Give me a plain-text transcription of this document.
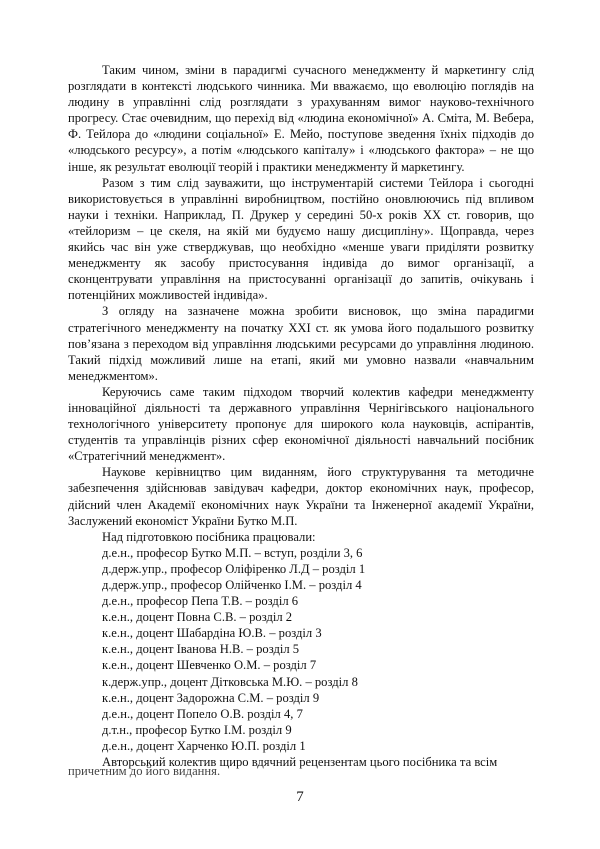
Таким чином, зміни в парадигмі сучасного менеджменту й маркетингу слід розглядати в контексті людського чинника. Ми вважаємо, що еволюцію поглядів на людину в управлінні слід розглядати з урахуванням вимог науково-технічного прогресу. Стає очевидним, що перехід від «людина економічної» А. Сміта, М. Вебера, Ф. Тейлора до «людини соціальної» Е. Мейо, поступове зведення їхніх підходів до «людського ресурсу», а потім «людського капіталу» і «людського фактора» – не що інше, як результат еволюції теорій і практики менеджменту й маркетингу.

Разом з тим слід зауважити, що інструментарій системи Тейлора і сьогодні використовується в управлінні виробництвом, постійно оновлюючись під впливом науки і техніки. Наприклад, П. Друкер у середині 50-х років ХХ ст. говорив, що «тейлоризм – це скеля, на якій ми будуємо нашу дисципліну». Щоправда, через якийсь час він уже стверджував, що необхідно «менше уваги приділяти розвитку менеджменту як засобу пристосування індивіда до вимог організації, а сконцентрувати управління на пристосуванні організації до запитів, очікувань і потенційних можливостей індивіда».

З огляду на зазначене можна зробити висновок, що зміна парадигми стратегічного менеджменту на початку ХХІ ст. як умова його подальшого розвитку пов’язана з переходом від управління людськими ресурсами до управління людиною. Такий підхід можливий лише на етапі, який ми умовно назвали «навчальним менеджментом».

Керуючись саме таким підходом творчий колектив кафедри менеджменту інноваційної діяльності та державного управління Чернігівського національного технологічного університету пропонує для широкого кола науковців, аспірантів, студентів та управлінців різних сфер економічної діяльності навчальний посібник «Стратегічний менеджмент».

Наукове керівництво цим виданням, його структурування та методичне забезпечення здійснював завідувач кафедри, доктор економічних наук, професор, дійсний член Академії економічних наук України та Інженерної академії України, Заслужений економіст України Бутко М.П.

Над підготовкою посібника працювали:

д.е.н., професор Бутко М.П. – вступ, розділи 3, 6
д.держ.упр., професор Оліфіренко Л.Д – розділ 1
д.держ.упр., професор Олійченко І.М. – розділ 4
д.е.н., професор Пепа Т.В. – розділ 6
к.е.н., доцент Повна С.В. – розділ 2
к.е.н., доцент Шабардіна Ю.В. – розділ 3
к.е.н., доцент Іванова Н.В. – розділ 5
к.е.н., доцент Шевченко О.М. – розділ 7
к.держ.упр., доцент Дітковська М.Ю. – розділ 8
к.е.н., доцент Задорожна С.М. – розділ 9
д.е.н., доцент Попело О.В. розділ 4, 7
д.т.н., професор Бутко І.М. розділ 9
д.е.н., доцент Харченко Ю.П. розділ 1

Авторський колектив щиро вдячний рецензентам цього посібника та всім

причетним до його видання.
7
